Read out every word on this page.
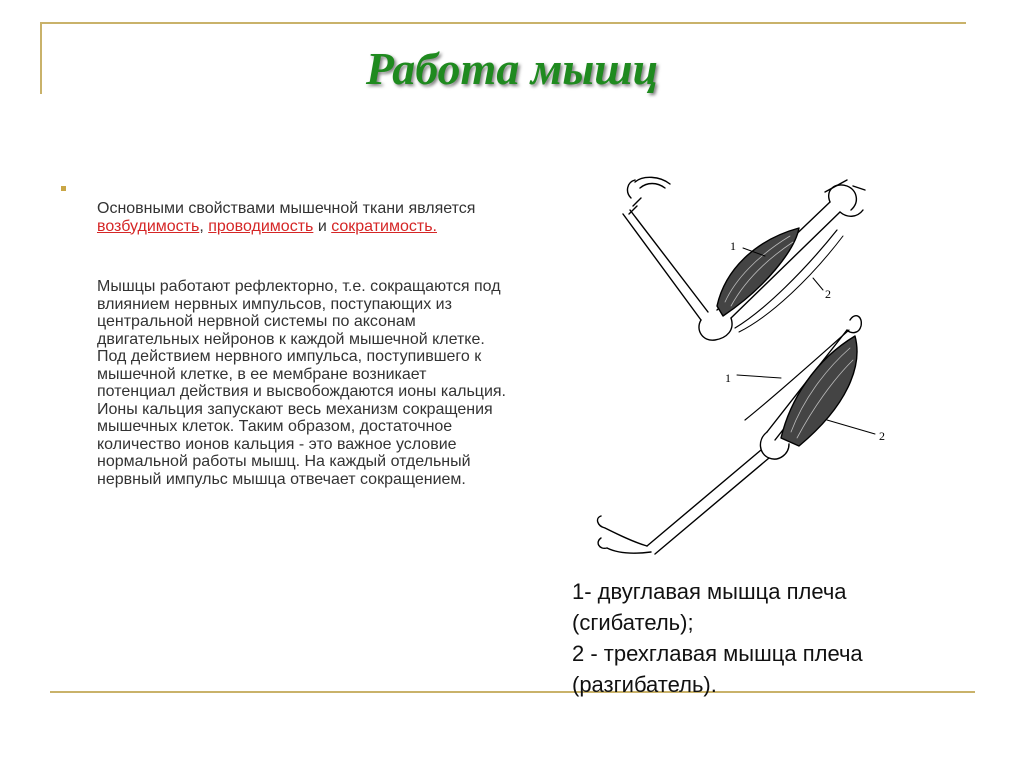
Работа мышц

Основными свойствами мышечной ткани является возбудимость, проводимость и сократимость.

Мышцы работают рефлекторно, т.е. сокращаются под влиянием нервных импульсов, поступающих из центральной нервной системы по аксонам двигательных нейронов к каждой мышечной клетке. Под действием нервного импульса, поступившего к мышечной клетке, в ее мембране возникает потенциал действия и высвобождаются ионы кальция. Ионы кальция запускают весь механизм сокращения мышечных клеток. Таким образом, достаточное количество ионов кальция - это важное условие нормальной работы мышц. На каждый отдельный нервный импульс мышца отвечает сокращением.

1
2
1
2
1- двуглавая мышца плеча
(сгибатель);
2 - трехглавая мышца плеча
(разгибатель).
